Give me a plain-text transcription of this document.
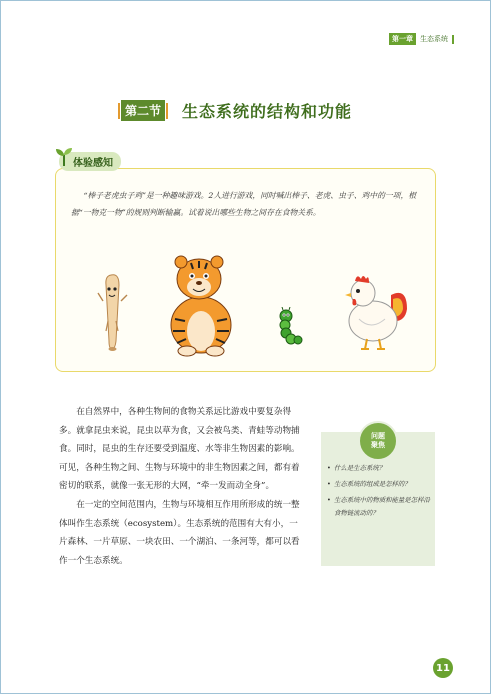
第一章	生态系统
第二节 生态系统的结构和功能
体验感知
“棒子老虎虫子鸡”是一种趣味游戏。2人进行游戏，同时喊出棒子、老虎、虫子、鸡中的一项，根据“一物克一物”的规则判断输赢。试着说出哪些生物之间存在食物关系。

在自然界中，各种生物间的食物关系远比游戏中要复杂得多。就拿昆虫来说，昆虫以草为食，又会被鸟类、青蛙等动物捕食。同时，昆虫的生存还要受到温度、水等非生物因素的影响。可见，各种生物之间、生物与环境中的非生物因素之间，都有着密切的联系，就像一张无形的大网，“牵一发而动全身”。

在一定的空间范围内，生物与环境相互作用所形成的统一整体叫作生态系统（ecosystem）。生态系统的范围有大有小，一片森林、一片草原、一块农田、一个湖泊、一条河等，都可以看作一个生态系统。

问题
聚焦
• 什么是生态系统？
• 生态系统的组成是怎样的？
• 生态系统中的物质和能量是怎样沿食物链流动的？
11
